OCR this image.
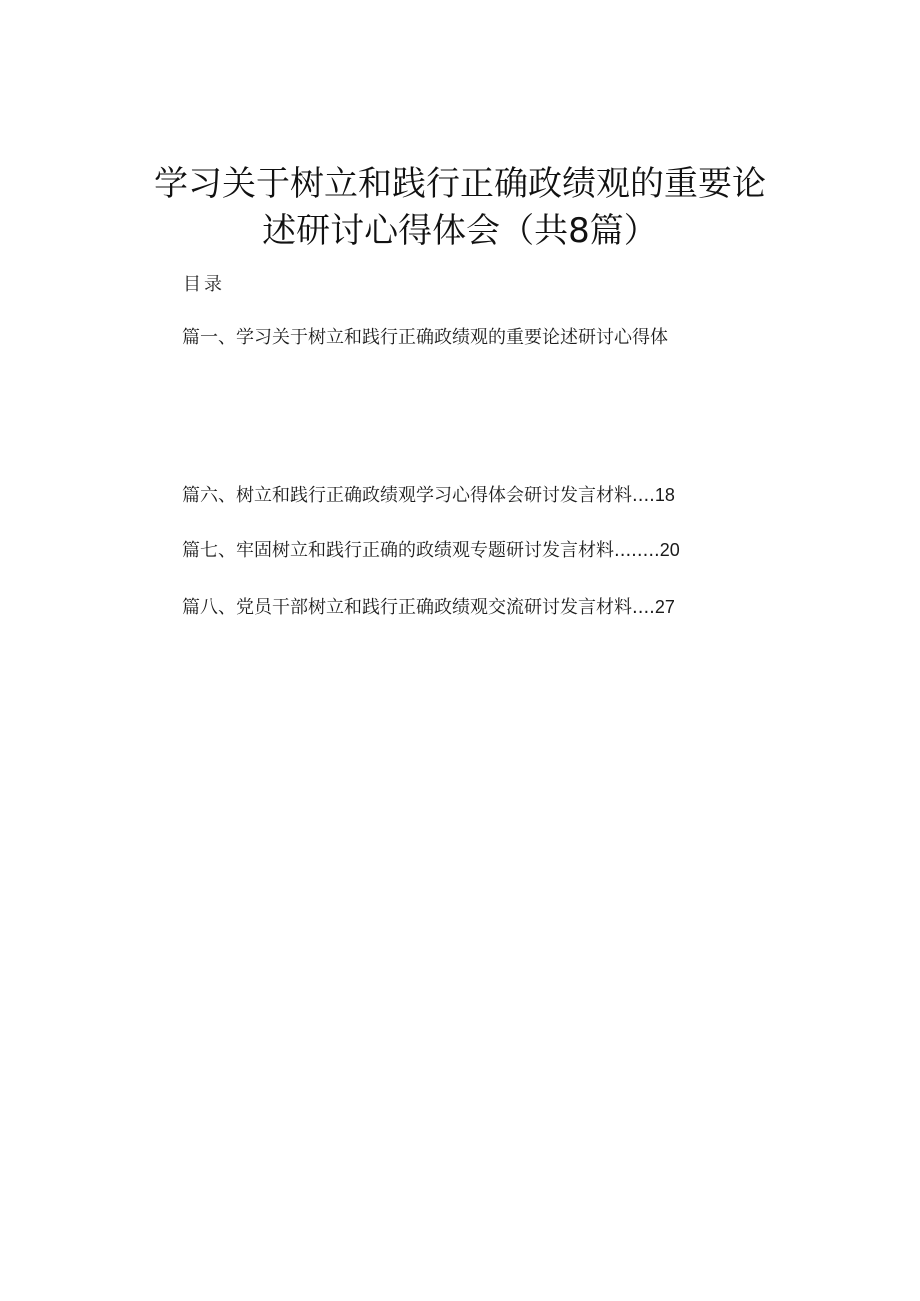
学习关于树立和践行正确政绩观的重要论
述研讨心得体会（共8篇）
目录
篇一、学习关于树立和践行正确政绩观的重要论述研讨心得体
篇六、树立和践行正确政绩观学习心得体会研讨发言材料....18
篇七、牢固树立和践行正确的政绩观专题研讨发言材料........20
篇八、党员干部树立和践行正确政绩观交流研讨发言材料....27
